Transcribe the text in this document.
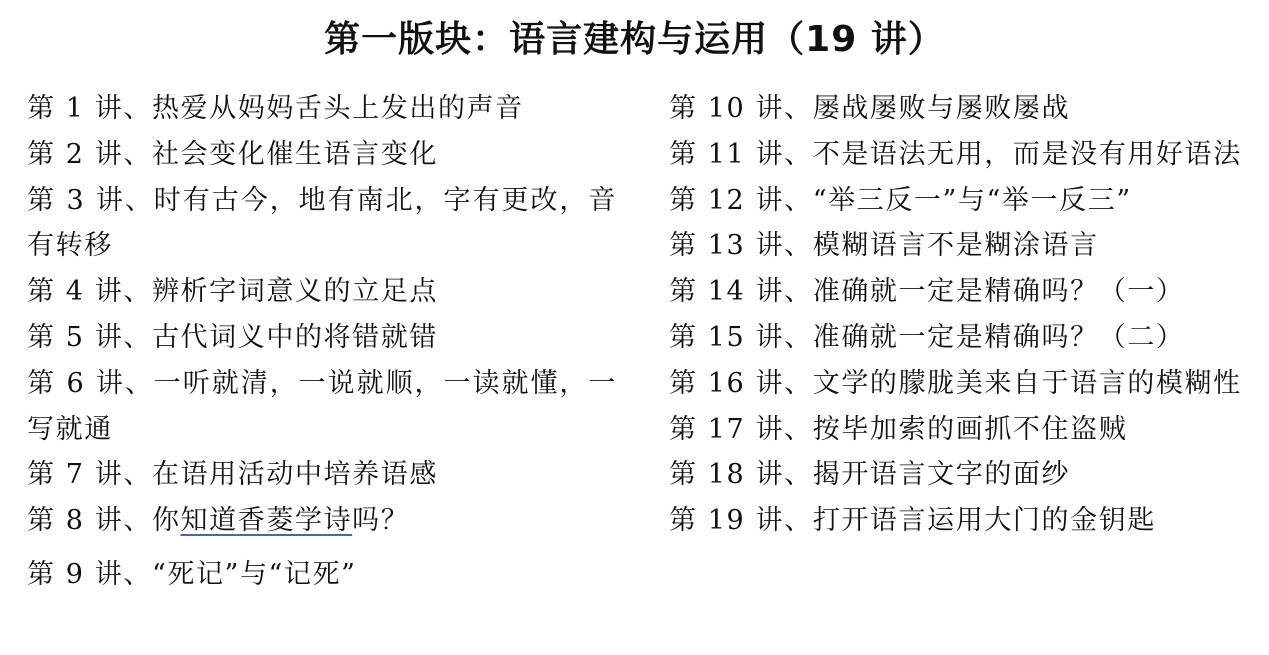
第一版块：语言建构与运用（19 讲）

第 1 讲、热爱从妈妈舌头上发出的声音

第 2 讲、社会变化催生语言变化

第 3 讲、时有古今，地有南北，字有更改，音有转移

第 4 讲、辨析字词意义的立足点

第 5 讲、古代词义中的将错就错

第 6 讲、一听就清，一说就顺，一读就懂，一写就通

第 7 讲、在语用活动中培养语感

第 8 讲、你知道香菱学诗吗？

第 9 讲、“死记”与“记死”

第 10 讲、屡战屡败与屡败屡战

第 11 讲、不是语法无用，而是没有用好语法

第 12 讲、“举三反一”与“举一反三”

第 13 讲、模糊语言不是糊涂语言

第 14 讲、准确就一定是精确吗？（一）

第 15 讲、准确就一定是精确吗？（二）

第 16 讲、文学的朦胧美来自于语言的模糊性

第 17 讲、按毕加索的画抓不住盗贼

第 18 讲、揭开语言文字的面纱

第 19 讲、打开语言运用大门的金钥匙
